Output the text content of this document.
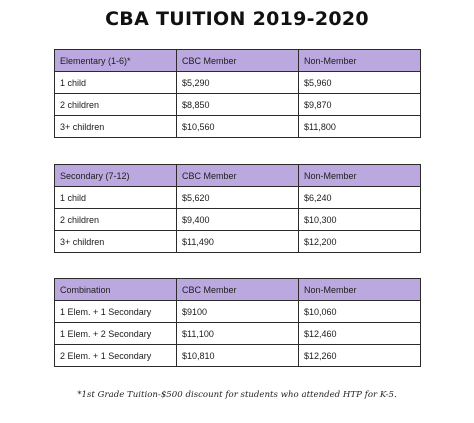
CBA TUITION 2019-2020
Elementary (1-6)*	CBC Member	Non-Member
1 child	$5,290	$5,960
2 children	$8,850	$9,870
3+ children	$10,560	$11,800
Secondary (7-12)	CBC Member	Non-Member
1 child	$5,620	$6,240
2 children	$9,400	$10,300
3+ children	$11,490	$12,200
Combination	CBC Member	Non-Member
1 Elem. + 1 Secondary	$9100	$10,060
1 Elem. + 2 Secondary	$11,100	$12,460
2 Elem. + 1 Secondary	$10,810	$12,260
*1st Grade Tuition-$500 discount for students who attended HTP for K-5.
